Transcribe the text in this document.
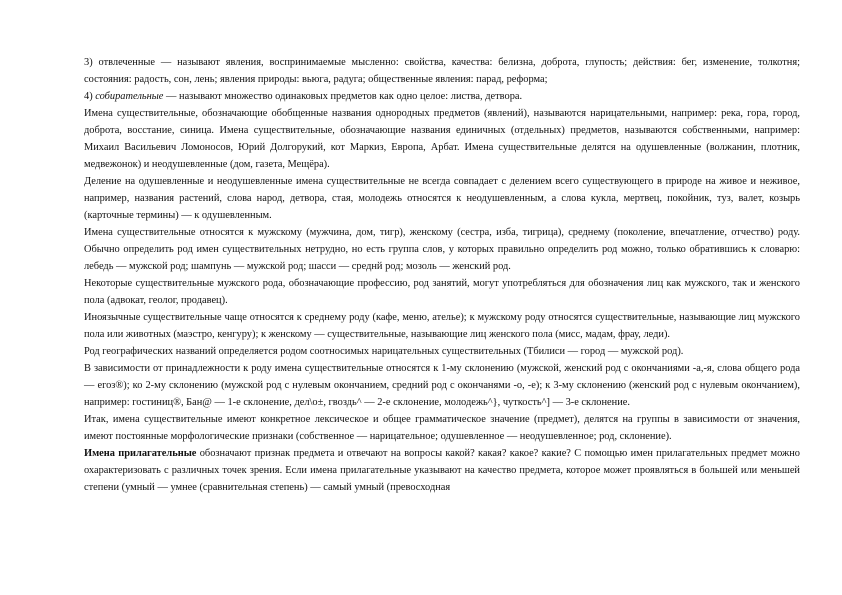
3) отвлеченные — называют явления, воспринимаемые мысленно: свойства, качества: белизна, доброта, глупость; действия: бег, изменение, толкотня; состояния: радость, сон, лень; явления природы: вьюга, радуга; общественные явления: парад, реформа;

4) собирательные — называют множество одинаковых предметов как одно целое: листва, детвора.

Имена существительные, обозначающие обобщенные названия однородных предметов (явлений), называются нарицательными, например: река, гора, город, доброта, восстание, синица. Имена существительные, обозначающие названия единичных (отдельных) предметов, называются собственными, например: Михаил Васильевич Ломоносов, Юрий Долгорукий, кот Маркиз, Европа, Арбат. Имена существительные делятся на одушевленные (волжанин, плотник, медвежонок) и неодушевленные (дом, газета, Мещёра).

Деление на одушевленные и неодушевленные имена существительные не всегда совпадает с делением всего существующего в природе на живое и неживое, например, названия растений, слова народ, детвора, стая, молодежь относятся к неодушевленным, а слова кукла, мертвец, покойник, туз, валет, козырь (карточные термины) — к одушевленным.

Имена существительные относятся к мужскому (мужчина, дом, тигр), женскому (сестра, изба, тигрица), среднему (поколение, впечатление, отчество) роду. Обычно определить род имен существительных нетрудно, но есть группа слов, у которых правильно определить род можно, только обратившись к словарю: лебедь — мужской род; шампунь — мужской род; шасси — среднй род; мозоль — женский род.

Некоторые существительные мужского рода, обозначающие профессию, род занятий, могут употребляться для обозначения лиц как мужского, так и женского пола (адвокат, геолог, продавец).

Иноязычные существительные чаще относятся к среднему роду (кафе, меню, ателье); к мужскому роду относятся существительные, называющие лиц мужского пола или животных (маэстро, кенгуру); к женскому — существительные, называющие лиц женского пола (мисс, мадам, фрау, леди).

Род географических названий определяется родом соотносимых нарицательных существительных (Тбилиси — город — мужской род).

В зависимости от принадлежности к роду имена существительные относятся к 1-му склонению (мужской, женский род с окончаниями -а,-я, слова общего рода — егоз®); ко 2-му склонению (мужской род с нулевым окончанием, средний род с окончанями -о, -е); к 3-му склонению (женский род с нулевым окончанием), например: гостиниц®, Бан@ — 1-е склонение, дел\о±, гвоздь^ — 2-е склонение, молодежь^}, чуткость^] — 3-е склонение.

Итак, имена существительные имеют конкретное лексическое и общее грамматическое значение (предмет), делятся на группы в зависимости от значения, имеют постоянные морфологические признаки (собственное — нарицательное; одушевленное — неодушевленное; род, склонение).

Имена прилагательные обозначают признак предмета и отвечают на вопросы какой? какая? какое? какие? С помощью имен прилагательных предмет можно охарактеризовать с различных точек зрения. Если имена прилагательные указывают на качество предмета, которое может проявляться в большей или меньшей степени (умный — умнее (сравнительная степень) — самый умный (превосходная
